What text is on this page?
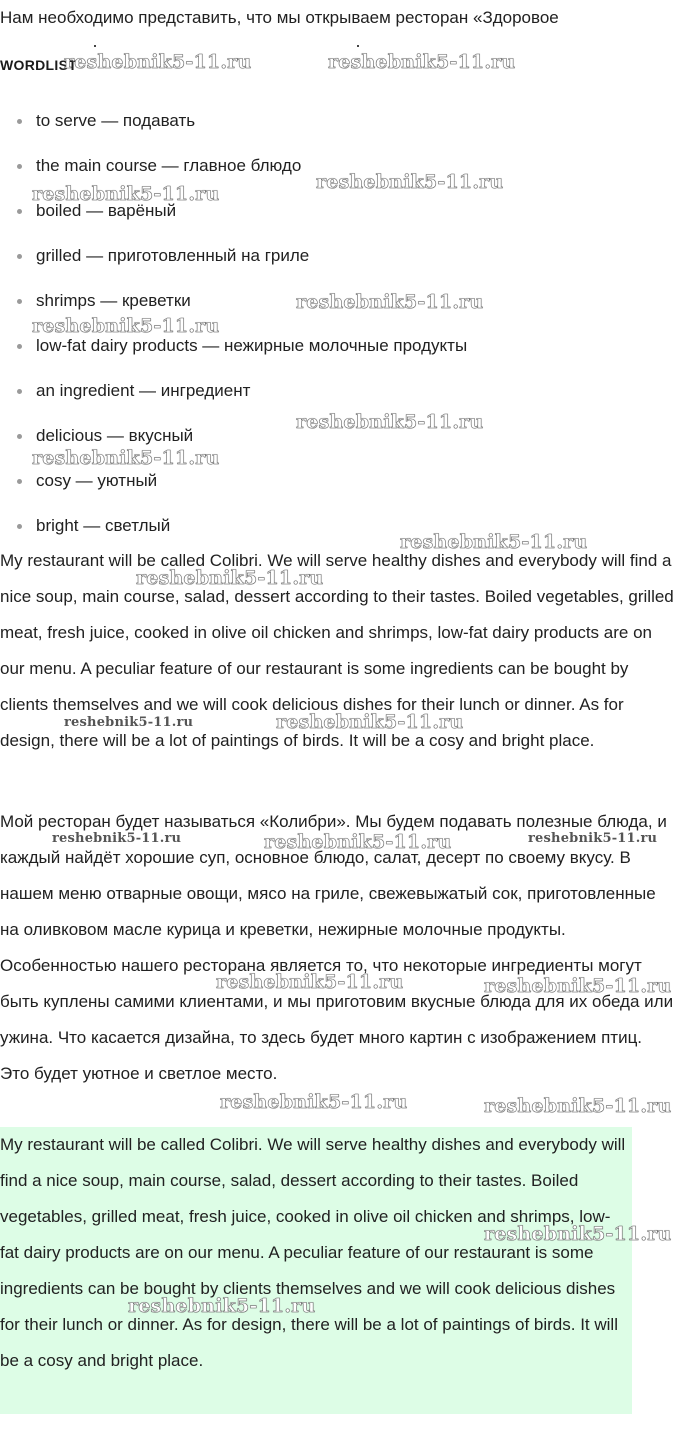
Нам необходимо представить, что мы открываем ресторан «Здоровое

WORDLIST
to serve — подавать
the main course — главное блюдо
boiled — варёный
grilled — приготовленный на гриле
shrimps — креветки
low-fat dairy products — нежирные молочные продукты
an ingredient — ингредиент
delicious — вкусный
cosy — уютный
bright — светлый

My restaurant will be called Colibri. We will serve healthy dishes and everybody will find a nice soup, main course, salad, dessert according to their tastes. Boiled vegetables, grilled meat, fresh juice, cooked in olive oil chicken and shrimps, low-fat dairy products are on our menu. A peculiar feature of our restaurant is some ingredients can be bought by clients themselves and we will cook delicious dishes for their lunch or dinner. As for design, there will be a lot of paintings of birds. It will be a cosy and bright place.

Мой ресторан будет называться «Колибри». Мы будем подавать полезные блюда, и каждый найдёт хорошие суп, основное блюдо, салат, десерт по своему вкусу. В нашем меню отварные овощи, мясо на гриле, свежевыжатый сок, приготовленные на оливковом масле курица и креветки, нежирные молочные продукты. Особенностью нашего ресторана является то, что некоторые ингредиенты могут быть куплены самими клиентами, и мы приготовим вкусные блюда для их обеда или ужина. Что касается дизайна, то здесь будет много картин с изображением птиц. Это будет уютное и светлое место.

My restaurant will be called Colibri. We will serve healthy dishes and everybody will find a nice soup, main course, salad, dessert according to their tastes. Boiled vegetables, grilled meat, fresh juice, cooked in olive oil chicken and shrimps, low-fat dairy products are on our menu. A peculiar feature of our restaurant is some ingredients can be bought by clients themselves and we will cook delicious dishes for their lunch or dinner. As for design, there will be a lot of paintings of birds. It will be a cosy and bright place.

reshebnik5-11.ru	reshebnik5-11.ru
reshebnik5-11.ru
reshebnik5-11.ru
reshebnik5-11.ru
reshebnik5-11.ru
reshebnik5-11.ru
reshebnik5-11.ru
reshebnik5-11.ru
reshebnik5-11.ru
reshebnik5-11.ru	reshebnik5-11.ru
reshebnik5-11.ru	reshebnik5-11.ru	reshebnik5-11.ru
reshebnik5-11.ru	reshebnik5-11.ru
reshebnik5-11.ru	reshebnik5-11.ru
reshebnik5-11.ru
reshebnik5-11.ru
